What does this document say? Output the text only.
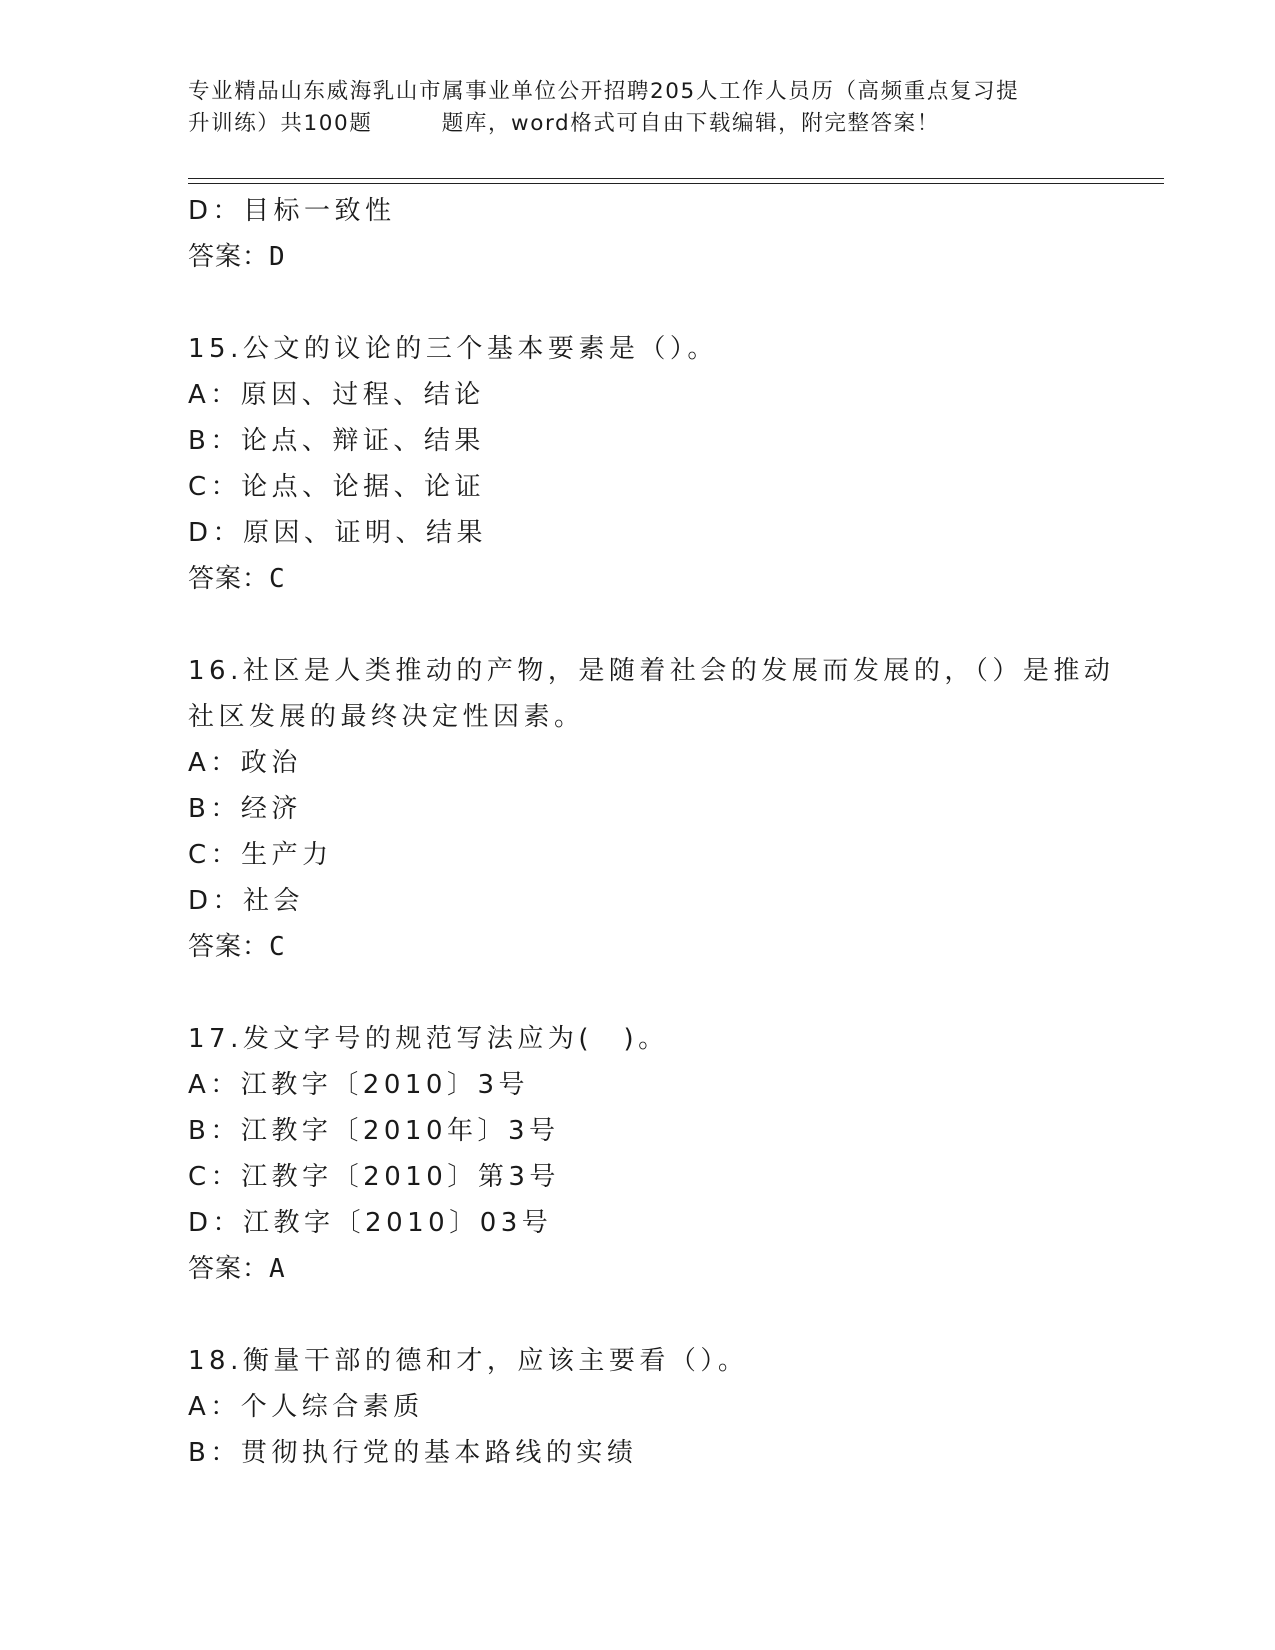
专业精品山东威海乳山市属事业单位公开招聘205人工作人员历（高频重点复习提
升训练）共100题　　　题库，word格式可自由下载编辑，附完整答案！
D：目标一致性
答案：D
15.公文的议论的三个基本要素是（）。
A：原因、过程、结论
B：论点、辩证、结果
C：论点、论据、论证
D：原因、证明、结果
答案：C
16.社区是人类推动的产物，是随着社会的发展而发展的，（）是推动
社区发展的最终决定性因素。
A：政治
B：经济
C：生产力
D：社会
答案：C
17.发文字号的规范写法应为(　)。
A：江教字〔2010〕3号
B：江教字〔2010年〕3号
C：江教字〔2010〕第3号
D：江教字〔2010〕03号
答案：A
18.衡量干部的德和才，应该主要看（）。
A：个人综合素质
B：贯彻执行党的基本路线的实绩
